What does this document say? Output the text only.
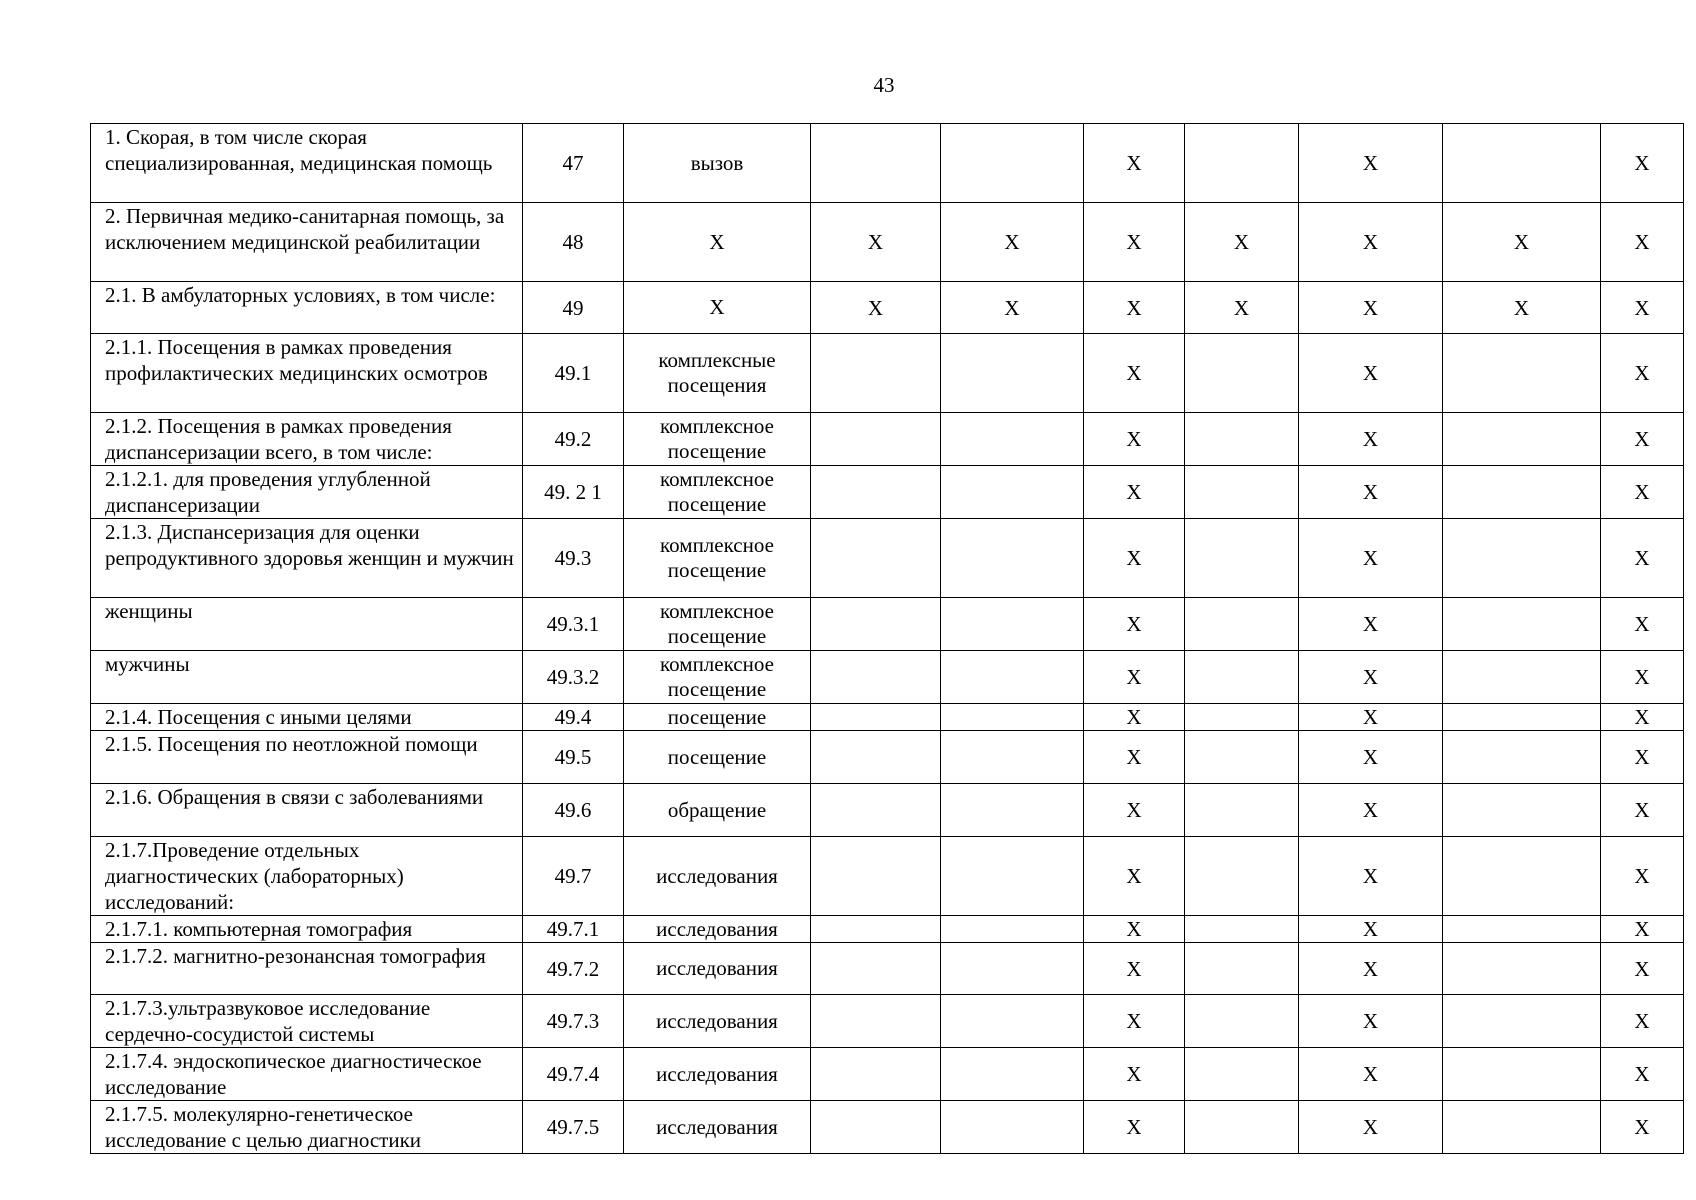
43
1. Скорая, в том числе скорая специализированная, медицинская помощь	47	вызов			X		X		X
2. Первичная медико-санитарная помощь, за исключением медицинской реабилитации	48	X	X	X	X	X	X	X	X
2.1. В амбулаторных условиях, в том числе:	49	X	X	X	X	X	X	X	X
2.1.1. Посещения в рамках проведения профилактических медицинских осмотров	49.1	комплексные посещения			X		X		X
2.1.2. Посещения в рамках проведения диспансеризации всего, в том числе:	49.2	комплексное посещение			X		X		X
2.1.2.1. для проведения углубленной диспансеризации	49. 2 1	комплексное посещение			X		X		X
2.1.3. Диспансеризация для оценки репродуктивного здоровья женщин и мужчин	49.3	комплексное посещение			X		X		X
женщины	49.3.1	комплексное посещение			X		X		X
мужчины	49.3.2	комплексное посещение			X		X		X
2.1.4. Посещения с иными целями	49.4	посещение			X		X		X
2.1.5. Посещения по неотложной помощи	49.5	посещение			X		X		X
2.1.6. Обращения в связи с заболеваниями	49.6	обращение			X		X		X
2.1.7.Проведение отдельных диагностических (лабораторных) исследований:	49.7	исследования			X		X		X
2.1.7.1. компьютерная томография	49.7.1	исследования			X		X		X
2.1.7.2. магнитно-резонансная томография	49.7.2	исследования			X		X		X
2.1.7.3.ультразвуковое исследование сердечно-сосудистой системы	49.7.3	исследования			X		X		X
2.1.7.4. эндоскопическое диагностическое исследование	49.7.4	исследования			X		X		X
2.1.7.5. молекулярно-генетическое исследование с целью диагностики	49.7.5	исследования			X		X		X
